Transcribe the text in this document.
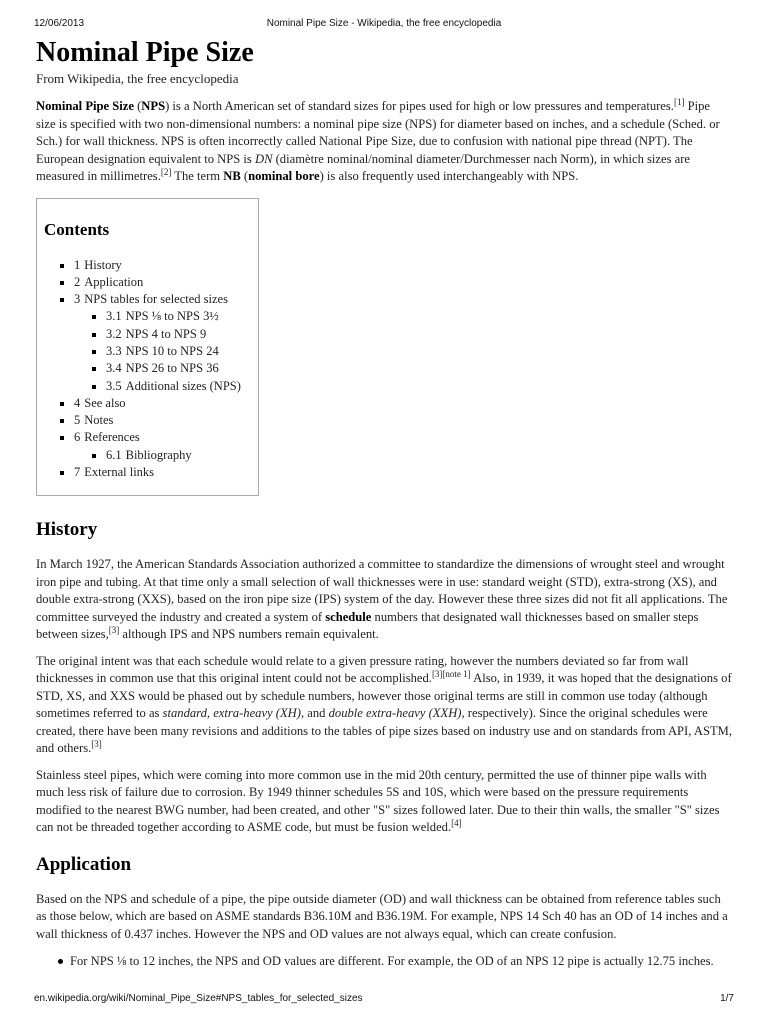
12/06/2013	Nominal Pipe Size - Wikipedia, the free encyclopedia
Nominal Pipe Size
From Wikipedia, the free encyclopedia

Nominal Pipe Size (NPS) is a North American set of standard sizes for pipes used for high or low pressures and temperatures.[1] Pipe size is specified with two non-dimensional numbers: a nominal pipe size (NPS) for diameter based on inches, and a schedule (Sched. or Sch.) for wall thickness. NPS is often incorrectly called National Pipe Size, due to confusion with national pipe thread (NPT). The European designation equivalent to NPS is DN (diamètre nominal/nominal diameter/Durchmesser nach Norm), in which sizes are measured in millimetres.[2] The term NB (nominal bore) is also frequently used interchangeably with NPS.

Contents
1 History
2 Application
3 NPS tables for selected sizes
3.1 NPS ⅛ to NPS 3½
3.2 NPS 4 to NPS 9
3.3 NPS 10 to NPS 24
3.4 NPS 26 to NPS 36
3.5 Additional sizes (NPS)
4 See also
5 Notes
6 References
6.1 Bibliography
7 External links
History

In March 1927, the American Standards Association authorized a committee to standardize the dimensions of wrought steel and wrought iron pipe and tubing. At that time only a small selection of wall thicknesses were in use: standard weight (STD), extra-strong (XS), and double extra-strong (XXS), based on the iron pipe size (IPS) system of the day. However these three sizes did not fit all applications. The committee surveyed the industry and created a system of schedule numbers that designated wall thicknesses based on smaller steps between sizes,[3] although IPS and NPS numbers remain equivalent.

The original intent was that each schedule would relate to a given pressure rating, however the numbers deviated so far from wall thicknesses in common use that this original intent could not be accomplished.[3][note 1] Also, in 1939, it was hoped that the designations of STD, XS, and XXS would be phased out by schedule numbers, however those original terms are still in common use today (although sometimes referred to as standard, extra-heavy (XH), and double extra-heavy (XXH), respectively). Since the original schedules were created, there have been many revisions and additions to the tables of pipe sizes based on industry use and on standards from API, ASTM, and others.[3]

Stainless steel pipes, which were coming into more common use in the mid 20th century, permitted the use of thinner pipe walls with much less risk of failure due to corrosion. By 1949 thinner schedules 5S and 10S, which were based on the pressure requirements modified to the nearest BWG number, had been created, and other "S" sizes followed later. Due to their thin walls, the smaller "S" sizes can not be threaded together according to ASME code, but must be fusion welded.[4]

Application

Based on the NPS and schedule of a pipe, the pipe outside diameter (OD) and wall thickness can be obtained from reference tables such as those below, which are based on ASME standards B36.10M and B36.19M. For example, NPS 14 Sch 40 has an OD of 14 inches and a wall thickness of 0.437 inches. However the NPS and OD values are not always equal, which can create confusion.

For NPS ⅛ to 12 inches, the NPS and OD values are different. For example, the OD of an NPS 12 pipe is actually 12.75 inches.
en.wikipedia.org/wiki/Nominal_Pipe_Size#NPS_tables_for_selected_sizes	1/7
